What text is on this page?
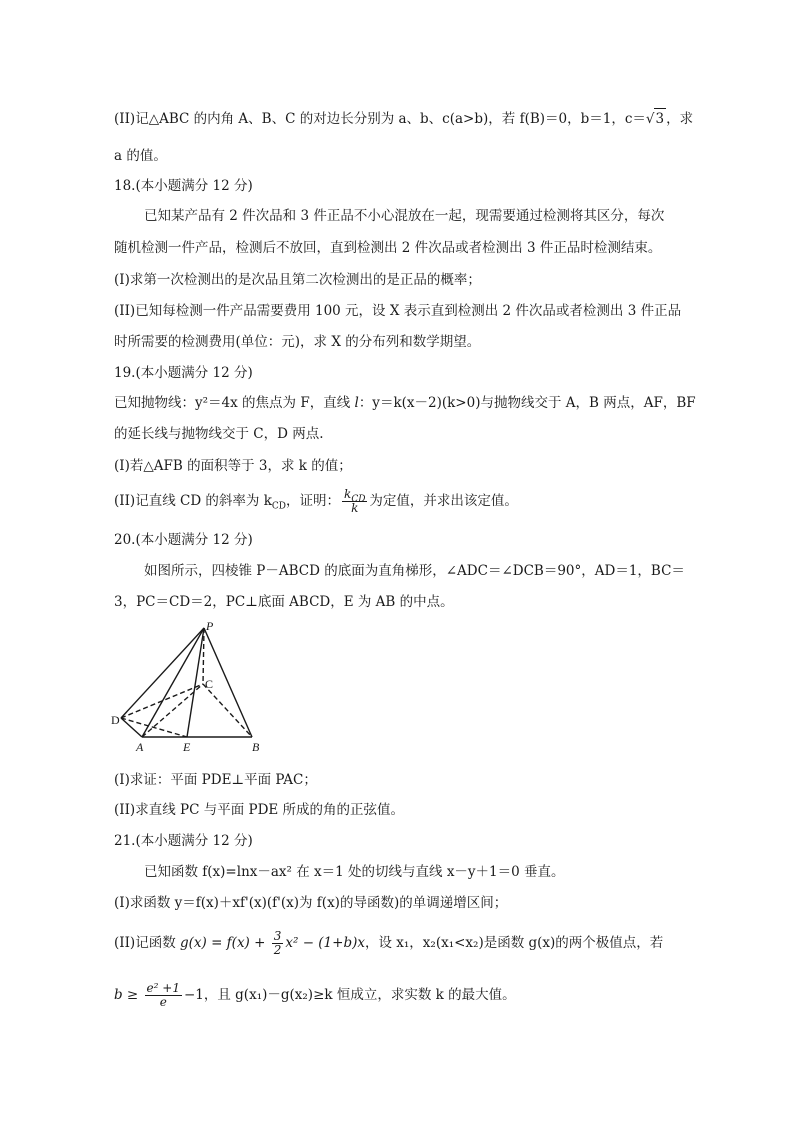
(II)记△ABC 的内角 A、B、C 的对边长分别为 a、b、c(a>b)，若 f(B)＝0，b＝1，c＝√3 ，求
a 的值。
18.(本小题满分 12 分)
已知某产品有 2 件次品和 3 件正品不小心混放在一起，现需要通过检测将其区分，每次
随机检测一件产品，检测后不放回，直到检测出 2 件次品或者检测出 3 件正品时检测结束。
(I)求第一次检测出的是次品且第二次检测出的是正品的概率；
(II)已知每检测一件产品需要费用 100 元，设 X 表示直到检测出 2 件次品或者检测出 3 件正品
时所需要的检测费用(单位：元)，求 X 的分布列和数学期望。
19.(本小题满分 12 分)
已知抛物线：y²＝4x 的焦点为 F，直线 l：y＝k(x－2)(k>0)与抛物线交于 A，B 两点，AF，BF
的延长线与抛物线交于 C，D 两点.
(I)若△AFB 的面积等于 3，求 k 的值；
(II)记直线 CD 的斜率为 $k_{CD}$，证明： $\frac{k_{CD}}{k}$ 为定值，并求出该定值。
20.(本小题满分 12 分)
如图所示，四棱锥 P－ABCD 的底面为直角梯形，∠ADC＝∠DCB＝90°，AD＝1，BC＝
3，PC＝CD＝2，PC⊥底面 ABCD，E 为 AB 的中点。
P
C
D
A	E	B
(I)求证：平面 PDE⊥平面 PAC；
(II)求直线 PC 与平面 PDE 所成的角的正弦值。
21.(本小题满分 12 分)
已知函数 f(x)=lnx－ax² 在 x＝1 处的切线与直线 x－y＋1＝0 垂直。
(I)求函数 y＝f(x)＋xf'(x)(f'(x)为 f(x)的导函数)的单调递增区间；
(II)记函数 $g(x) = f(x) + \frac{3}{2} x^2 - (1+b)x$，设 x₁，x₂(x₁<x₂)是函数 g(x)的两个极值点，若
$b \ge \frac{\text{e² +1}}{e} -1$，且 g(x₁)－g(x₂)≥k 恒成立，求实数 k 的最大值。
